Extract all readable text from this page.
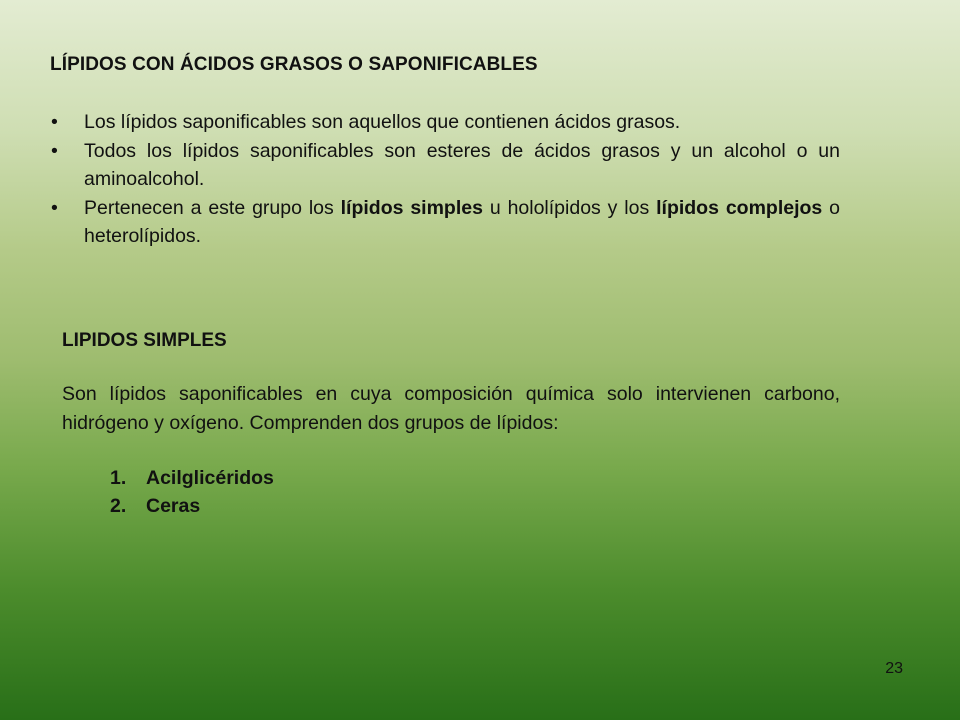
LÍPIDOS CON ÁCIDOS GRASOS O SAPONIFICABLES
• Los lípidos saponificables son aquellos que contienen ácidos grasos.
• Todos los lípidos saponificables son esteres de ácidos grasos y un alcohol o un aminoalcohol.
• Pertenecen a este grupo los lípidos simples u hololípidos y los lípidos complejos o heterolípidos.
LIPIDOS SIMPLES

Son lípidos saponificables en cuya composición química solo intervienen carbono, hidrógeno y oxígeno. Comprenden dos grupos de lípidos:

1. Acilglicéridos
2. Ceras
23
